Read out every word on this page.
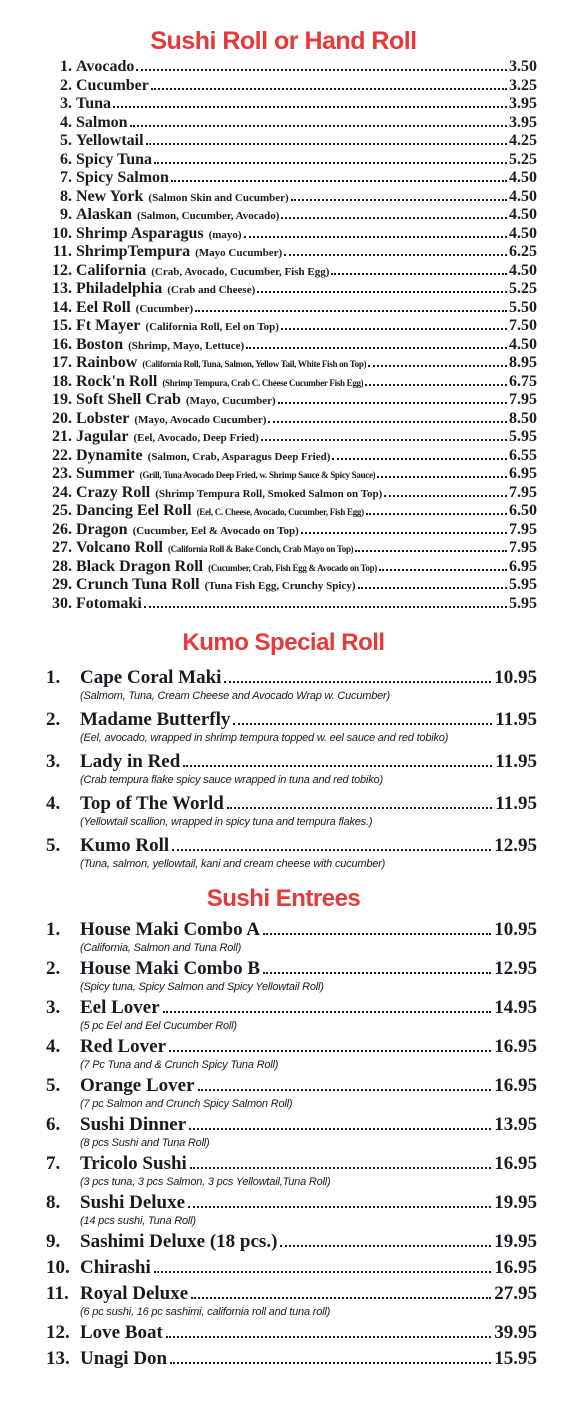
Sushi Roll or Hand Roll
1. Avocado	3.50
2. Cucumber	3.25
3. Tuna	3.95
4. Salmon	3.95
5. Yellowtail	4.25
6. Spicy Tuna	5.25
7. Spicy Salmon	4.50
8. New York (Salmon Skin and Cucumber)	4.50
9. Alaskan (Salmon, Cucumber, Avocado)	4.50
10. Shrimp Asparagus (mayo)	4.50
11. ShrimpTempura (Mayo Cucumber)	6.25
12. California (Crab, Avocado, Cucumber, Fish Egg)	4.50
13. Philadelphia (Crab and Cheese)	5.25
14. Eel Roll (Cucumber)	5.50
15. Ft Mayer (California Roll, Eel on Top)	7.50
16. Boston (Shrimp, Mayo, Lettuce)	4.50
17. Rainbow (California Roll, Tuna, Salmon, Yellow Tail, White Fish on Top)	8.95
18. Rock'n Roll (Shrimp Tempura, Crab C. Cheese Cucumber Fish Egg)	6.75
19. Soft Shell Crab (Mayo, Cucumber)	7.95
20. Lobster (Mayo, Avocado Cucumber)	8.50
21. Jagular (Eel, Avocado, Deep Fried)	5.95
22. Dynamite (Salmon, Crab, Asparagus Deep Fried)	6.55
23. Summer (Grill, Tuna Avocado Deep Fried, w. Shrimp Sauce & Spicy Sauce)	6.95
24. Crazy Roll (Shrimp Tempura Roll, Smoked Salmon on Top)	7.95
25. Dancing Eel Roll (Eel, C. Cheese, Avocado, Cucumber, Fish Egg)	6.50
26. Dragon (Cucumber, Eel & Avocado on Top)	7.95
27. Volcano Roll (California Roll & Bake Conch, Crab Mayo on Top)	7.95
28. Black Dragon Roll (Cucumber, Crab, Fish Egg & Avocado on Top)	6.95
29. Crunch Tuna Roll (Tuna Fish Egg, Crunchy Spicy)	5.95
30. Fotomaki	5.95
Kumo Special Roll
1.	Cape Coral Maki	10.95
(Salmom, Tuna, Cream Cheese and Avocado Wrap w. Cucumber)
2.	Madame Butterfly	11.95
(Eel, avocado, wrapped in shrimp tempura topped w. eel sauce and red tobiko)
3.	Lady in Red	11.95
(Crab tempura flake spicy sauce wrapped in tuna and red tobiko)
4.	Top of The World	11.95
(Yellowtail scallion, wrapped in spicy tuna and tempura flakes.)
5.	Kumo Roll	12.95
(Tuna, salmon, yellowtail, kani and cream cheese with cucumber)
Sushi Entrees
1.	House Maki Combo A	10.95
(California, Salmon and Tuna Roll)
2.	House Maki Combo B	12.95
(Spicy tuna, Spicy Salmon and Spicy Yellowtail Roll)
3.	Eel Lover	14.95
(5 pc Eel and Eel Cucumber Roll)
4.	Red Lover	16.95
(7 Pc Tuna and & Crunch Spicy Tuna Roll)
5.	Orange Lover	16.95
(7 pc Salmon and Crunch Spicy Salmon Roll)
6.	Sushi Dinner	13.95
(8 pcs Sushi and Tuna Roll)
7.	Tricolo Sushi	16.95
(3 pcs tuna, 3 pcs Salmon, 3 pcs Yellowtail,Tuna Roll)
8.	Sushi Deluxe	19.95
(14 pcs sushi, Tuna Roll)
9.	Sashimi Deluxe (18 pcs.)	19.95
10. Chirashi	16.95
11. Royal Deluxe	27.95
(6 pc sushi, 16 pc sashimi, california roll and tuna roll)
12. Love Boat	39.95
13. Unagi Don	15.95
